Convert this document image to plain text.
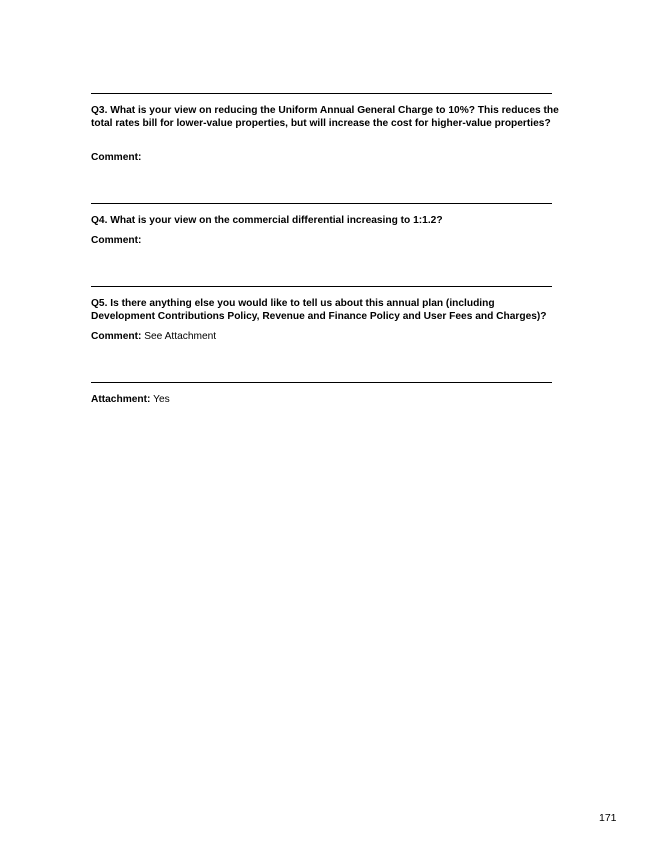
Q3. What is your view on reducing the Uniform Annual General Charge to 10%? This reduces the total rates bill for lower-value properties, but will increase the cost for higher-value properties?
Comment:
Q4. What is your view on the commercial differential increasing to 1:1.2?
Comment:
Q5. Is there anything else you would like to tell us about this annual plan (including Development Contributions Policy, Revenue and Finance Policy and User Fees and Charges)?
Comment: See Attachment
Attachment: Yes
171
